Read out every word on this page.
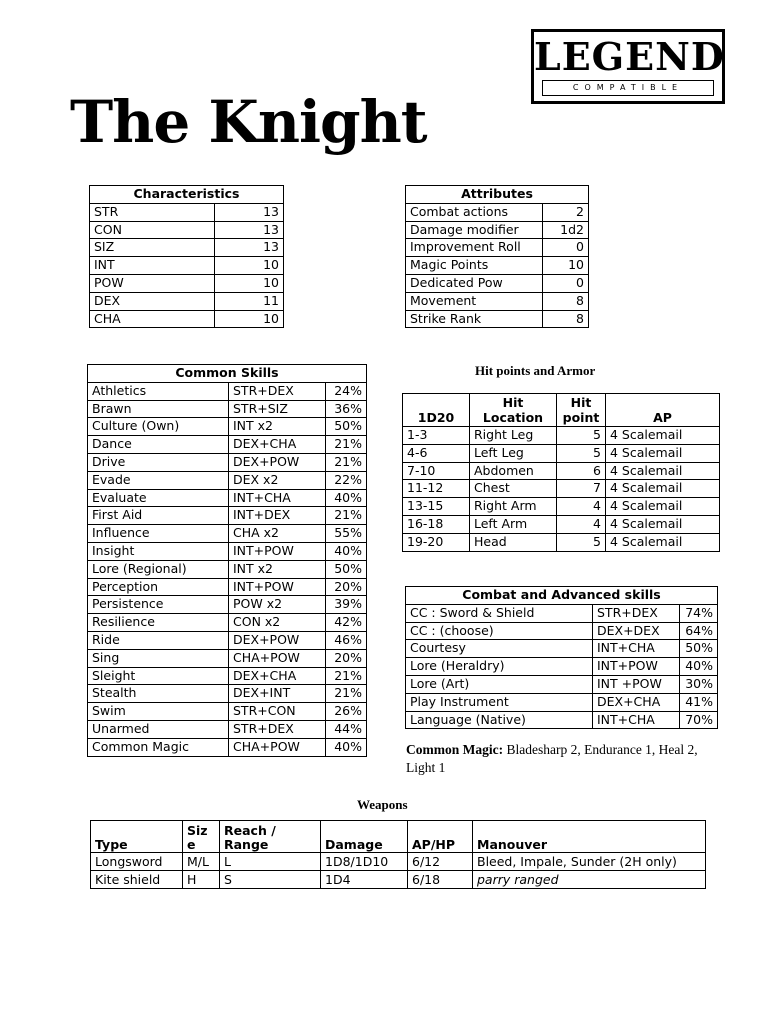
LEGEND
COMPATIBLE
The Knight
Characteristics	
STR	13
CON	13
SIZ	13
INT	10
POW	10
DEX	11
CHA	10
Attributes	
Combat actions	2
Damage modifier	1d2
Improvement Roll	0
Magic Points	10
Dedicated Pow	0
Movement	8
Strike Rank	8
Common Skills		
Athletics	STR+DEX	24%
Brawn	STR+SIZ	36%
Culture (Own)	INT x2	50%
Dance	DEX+CHA	21%
Drive	DEX+POW	21%
Evade	DEX x2	22%
Evaluate	INT+CHA	40%
First Aid	INT+DEX	21%
Influence	CHA x2	55%
Insight	INT+POW	40%
Lore (Regional)	INT x2	50%
Perception	INT+POW	20%
Persistence	POW x2	39%
Resilience	CON x2	42%
Ride	DEX+POW	46%
Sing	CHA+POW	20%
Sleight	DEX+CHA	21%
Stealth	DEX+INT	21%
Swim	STR+CON	26%
Unarmed	STR+DEX	44%
Common Magic	CHA+POW	40%
Hit points and Armor
1D20	Hit Location	Hit point	AP
1-3	Right Leg	5	4 Scalemail
4-6	Left Leg	5	4 Scalemail
7-10	Abdomen	6	4 Scalemail
11-12	Chest	7	4 Scalemail
13-15	Right Arm	4	4 Scalemail
16-18	Left Arm	4	4 Scalemail
19-20	Head	5	4 Scalemail
Combat and Advanced skills		
CC : Sword & Shield	STR+DEX	74%
CC : (choose)	DEX+DEX	64%
Courtesy	INT+CHA	50%
Lore (Heraldry)	INT+POW	40%
Lore (Art)	INT +POW	30%
Play Instrument	DEX+CHA	41%
Language (Native)	INT+CHA	70%
Common Magic: Bladesharp 2, Endurance 1, Heal 2, Light 1
Weapons
Type	Size	Reach / Range	Damage	AP/HP	Manouver
Longsword	M/L	L	1D8/1D10	6/12	Bleed, Impale, Sunder (2H only)
Kite shield	H	S	1D4	6/18	parry ranged
